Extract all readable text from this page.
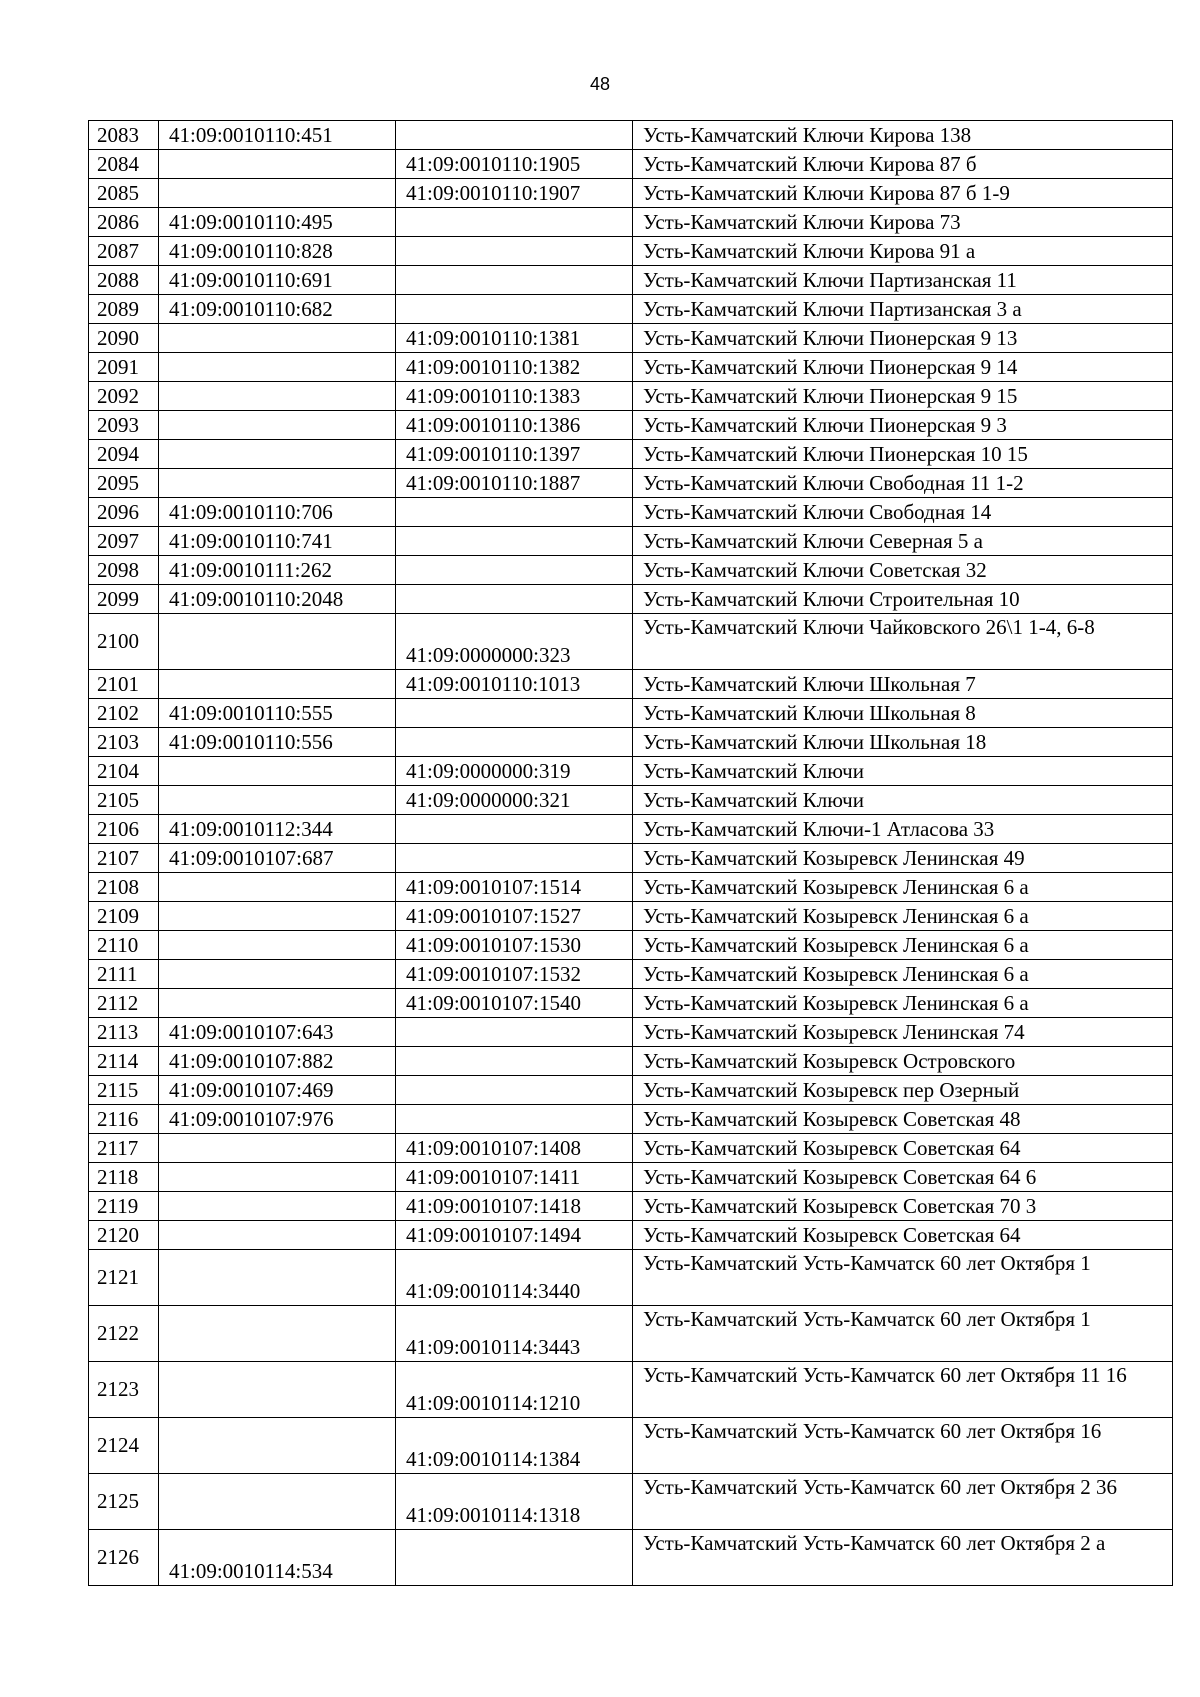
48
2083	41:09:0010110:451		Усть-Камчатский Ключи Кирова 138
2084		41:09:0010110:1905	Усть-Камчатский Ключи Кирова 87 б
2085		41:09:0010110:1907	Усть-Камчатский Ключи Кирова 87 б 1-9
2086	41:09:0010110:495		Усть-Камчатский Ключи Кирова 73
2087	41:09:0010110:828		Усть-Камчатский Ключи Кирова 91 а
2088	41:09:0010110:691		Усть-Камчатский Ключи Партизанская 11
2089	41:09:0010110:682		Усть-Камчатский Ключи Партизанская 3 а
2090		41:09:0010110:1381	Усть-Камчатский Ключи Пионерская 9 13
2091		41:09:0010110:1382	Усть-Камчатский Ключи Пионерская 9 14
2092		41:09:0010110:1383	Усть-Камчатский Ключи Пионерская 9 15
2093		41:09:0010110:1386	Усть-Камчатский Ключи Пионерская 9 3
2094		41:09:0010110:1397	Усть-Камчатский Ключи Пионерская 10 15
2095		41:09:0010110:1887	Усть-Камчатский Ключи Свободная 11 1-2
2096	41:09:0010110:706		Усть-Камчатский Ключи Свободная 14
2097	41:09:0010110:741		Усть-Камчатский Ключи Северная 5 а
2098	41:09:0010111:262		Усть-Камчатский Ключи Советская 32
2099	41:09:0010110:2048		Усть-Камчатский Ключи Строительная 10
2100		41:09:0000000:323	Усть-Камчатский Ключи Чайковского 26\1 1-4, 6-8
2101		41:09:0010110:1013	Усть-Камчатский Ключи Школьная 7
2102	41:09:0010110:555		Усть-Камчатский Ключи Школьная 8
2103	41:09:0010110:556		Усть-Камчатский Ключи Школьная 18
2104		41:09:0000000:319	Усть-Камчатский Ключи
2105		41:09:0000000:321	Усть-Камчатский Ключи
2106	41:09:0010112:344		Усть-Камчатский Ключи-1 Атласова 33
2107	41:09:0010107:687		Усть-Камчатский Козыревск Ленинская 49
2108		41:09:0010107:1514	Усть-Камчатский Козыревск Ленинская 6 а
2109		41:09:0010107:1527	Усть-Камчатский Козыревск Ленинская 6 а
2110		41:09:0010107:1530	Усть-Камчатский Козыревск Ленинская 6 а
2111		41:09:0010107:1532	Усть-Камчатский Козыревск Ленинская 6 а
2112		41:09:0010107:1540	Усть-Камчатский Козыревск Ленинская 6 а
2113	41:09:0010107:643		Усть-Камчатский Козыревск Ленинская 74
2114	41:09:0010107:882		Усть-Камчатский Козыревск Островского
2115	41:09:0010107:469		Усть-Камчатский Козыревск пер Озерный
2116	41:09:0010107:976		Усть-Камчатский Козыревск Советская 48
2117		41:09:0010107:1408	Усть-Камчатский Козыревск Советская 64
2118		41:09:0010107:1411	Усть-Камчатский Козыревск Советская 64 6
2119		41:09:0010107:1418	Усть-Камчатский Козыревск Советская 70 3
2120		41:09:0010107:1494	Усть-Камчатский Козыревск Советская 64
2121		41:09:0010114:3440	Усть-Камчатский Усть-Камчатск 60 лет Октября 1
2122		41:09:0010114:3443	Усть-Камчатский Усть-Камчатск 60 лет Октября 1
2123		41:09:0010114:1210	Усть-Камчатский Усть-Камчатск 60 лет Октября 11 16
2124		41:09:0010114:1384	Усть-Камчатский Усть-Камчатск 60 лет Октября 16
2125		41:09:0010114:1318	Усть-Камчатский Усть-Камчатск 60 лет Октября 2 36
2126	41:09:0010114:534		Усть-Камчатский Усть-Камчатск 60 лет Октября 2 а
